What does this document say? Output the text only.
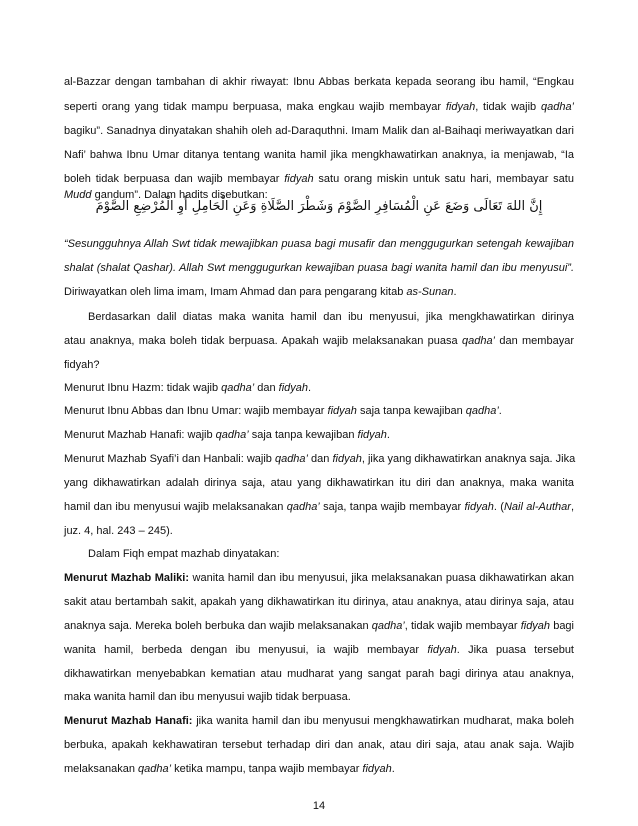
al-Bazzar dengan tambahan di akhir riwayat: Ibnu Abbas berkata kepada seorang ibu hamil, “Engkau
seperti orang yang tidak mampu berpuasa, maka engkau wajib membayar fidyah, tidak wajib qadha’
bagiku”. Sanadnya dinyatakan shahih oleh ad-Daraquthni. Imam Malik dan al-Baihaqi meriwayatkan dari
Nafi’ bahwa Ibnu Umar ditanya tentang wanita hamil jika mengkhawatirkan anaknya, ia menjawab, “Ia
boleh tidak berpuasa dan wajib membayar fidyah satu orang miskin untuk satu hari, membayar satu
Mudd gandum”. Dalam hadits disebutkan:
إِنَّ اللهَ تَعَالَى وَضَعَ عَنِ الْمُسَافِرِ الصَّوْمَ وَشَطْرَ الصَّلَاةِ وَعَنِ الْحَامِلِ أَوِ الْمُرْضِعِ الصَّوْمَ
“Sesungguhnya Allah Swt tidak mewajibkan puasa bagi musafir dan menggugurkan setengah kewajiban
shalat (shalat Qashar). Allah Swt menggugurkan kewajiban puasa bagi wanita hamil dan ibu menyusui”.
Diriwayatkan oleh lima imam, Imam Ahmad dan para pengarang kitab as-Sunan.
Berdasarkan dalil diatas maka wanita hamil dan ibu menyusui, jika mengkhawatirkan dirinya
atau anaknya, maka boleh tidak berpuasa. Apakah wajib melaksanakan puasa qadha’ dan membayar
fidyah?
Menurut Ibnu Hazm: tidak wajib qadha’ dan fidyah.
Menurut Ibnu Abbas dan Ibnu Umar: wajib membayar fidyah saja tanpa kewajiban qadha’.
Menurut Mazhab Hanafi: wajib qadha’ saja tanpa kewajiban fidyah.
Menurut Mazhab Syafi’i dan Hanbali: wajib qadha’ dan fidyah, jika yang dikhawatirkan anaknya saja. Jika
yang dikhawatirkan adalah dirinya saja, atau yang dikhawatirkan itu diri dan anaknya, maka wanita
hamil dan ibu menyusui wajib melaksanakan qadha’ saja, tanpa wajib membayar fidyah. (Nail al-Authar,
juz. 4, hal. 243 – 245).
Dalam Fiqh empat mazhab dinyatakan:
Menurut Mazhab Maliki: wanita hamil dan ibu menyusui, jika melaksanakan puasa dikhawatirkan akan
sakit atau bertambah sakit, apakah yang dikhawatirkan itu dirinya, atau anaknya, atau dirinya saja, atau
anaknya saja. Mereka boleh berbuka dan wajib melaksanakan qadha’, tidak wajib membayar fidyah bagi
wanita hamil, berbeda dengan ibu menyusui, ia wajib membayar fidyah. Jika puasa tersebut
dikhawatirkan menyebabkan kematian atau mudharat yang sangat parah bagi dirinya atau anaknya,
maka wanita hamil dan ibu menyusui wajib tidak berpuasa.
Menurut Mazhab Hanafi: jika wanita hamil dan ibu menyusui mengkhawatirkan mudharat, maka boleh
berbuka, apakah kekhawatiran tersebut terhadap diri dan anak, atau diri saja, atau anak saja. Wajib
melaksanakan qadha’ ketika mampu, tanpa wajib membayar fidyah.
14
